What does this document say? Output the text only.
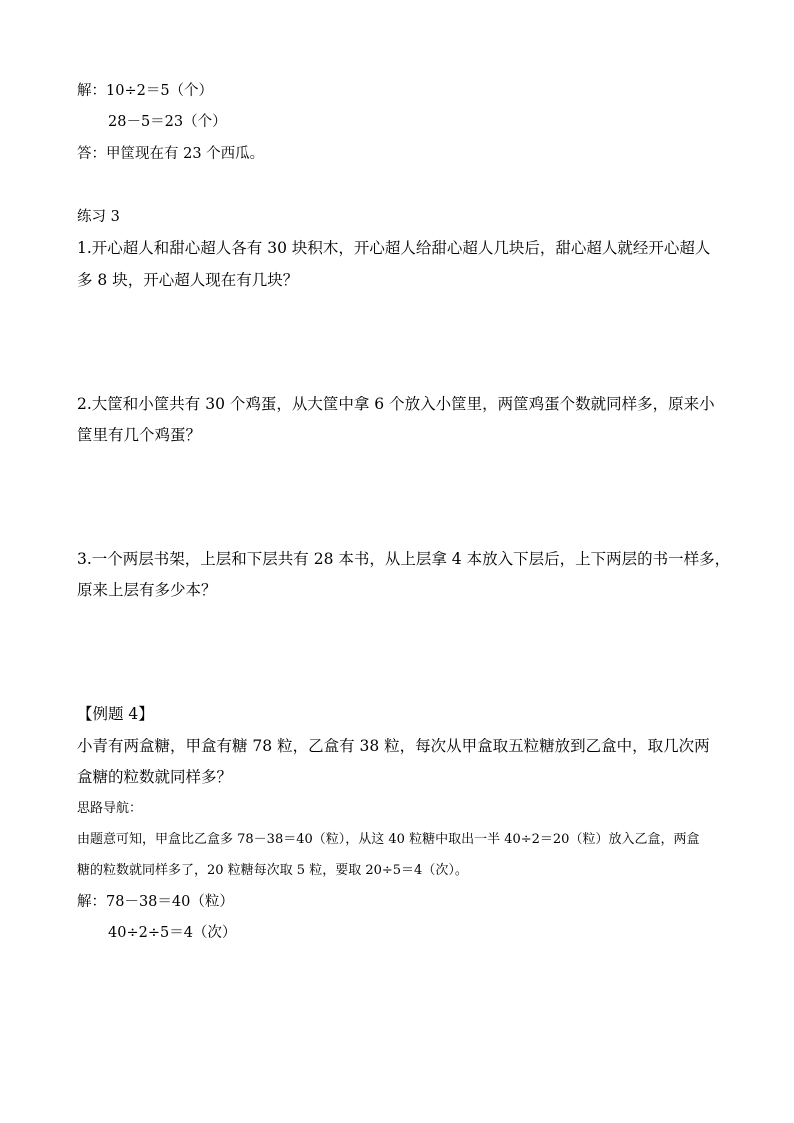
解：10÷2＝5（个）

28－5＝23（个）

答：甲筐现在有 23 个西瓜。

练习 3

1.开心超人和甜心超人各有 30 块积木，开心超人给甜心超人几块后，甜心超人就经开心超人

多 8 块，开心超人现在有几块？

2.大筐和小筐共有 30 个鸡蛋，从大筐中拿 6 个放入小筐里，两筐鸡蛋个数就同样多，原来小

筐里有几个鸡蛋？

3.一个两层书架，上层和下层共有 28 本书，从上层拿 4 本放入下层后，上下两层的书一样多，

原来上层有多少本？

【例题 4】

小青有两盒糖，甲盒有糖 78 粒，乙盒有 38 粒，每次从甲盒取五粒糖放到乙盒中，取几次两

盒糖的粒数就同样多？

思路导航：

由题意可知，甲盒比乙盒多 78－38＝40（粒），从这 40 粒糖中取出一半 40÷2＝20（粒）放入乙盒，两盒

糖的粒数就同样多了，20 粒糖每次取 5 粒，要取 20÷5＝4（次）。

解：78－38＝40（粒）

40÷2÷5＝4（次）
